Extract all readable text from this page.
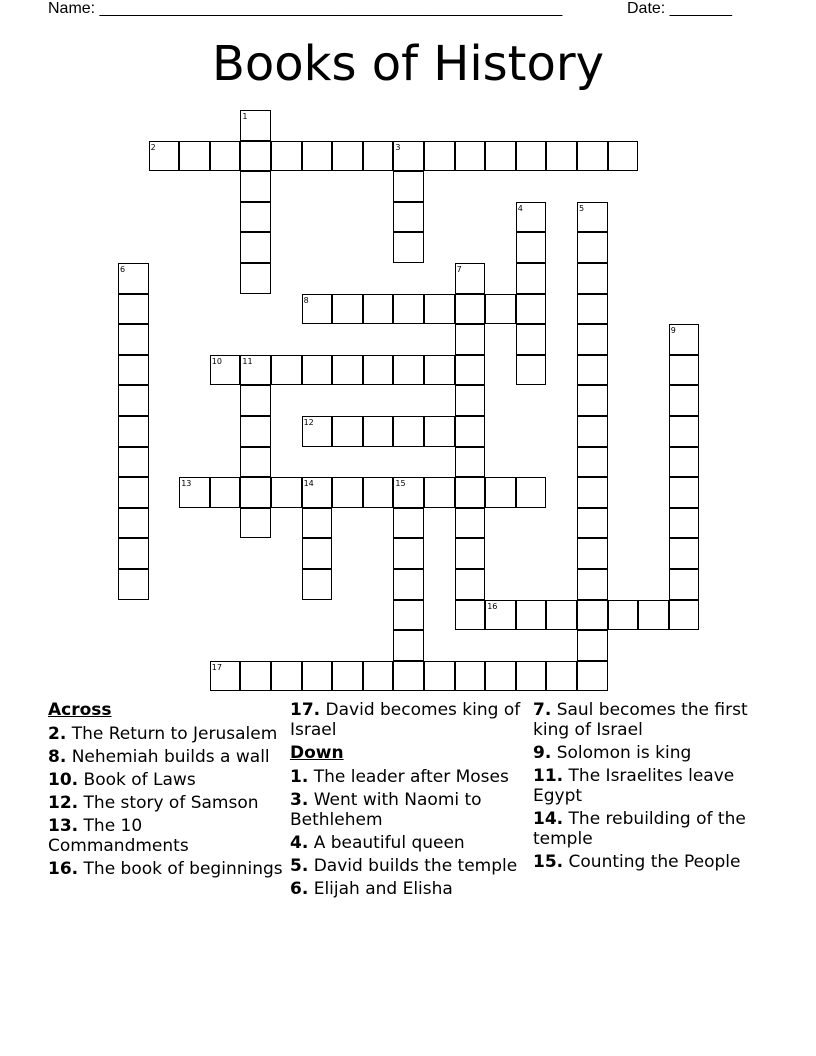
Name: ____________________________________________________	Date: _______
Books of History
2
8
10
12
13
16
17
1
3
4	5
6	7
9
11
14	15
Across
2. The Return to Jerusalem
8. Nehemiah builds a wall
10. Book of Laws
12. The story of Samson
13. The 10 Commandments
16. The book of beginnings
17. David becomes king of Israel
Down
1. The leader after Moses
3. Went with Naomi to Bethlehem
4. A beautiful queen
5. David builds the temple
6. Elijah and Elisha
7. Saul becomes the first king of Israel
9. Solomon is king
11. The Israelites leave Egypt
14. The rebuilding of the temple
15. Counting the People
